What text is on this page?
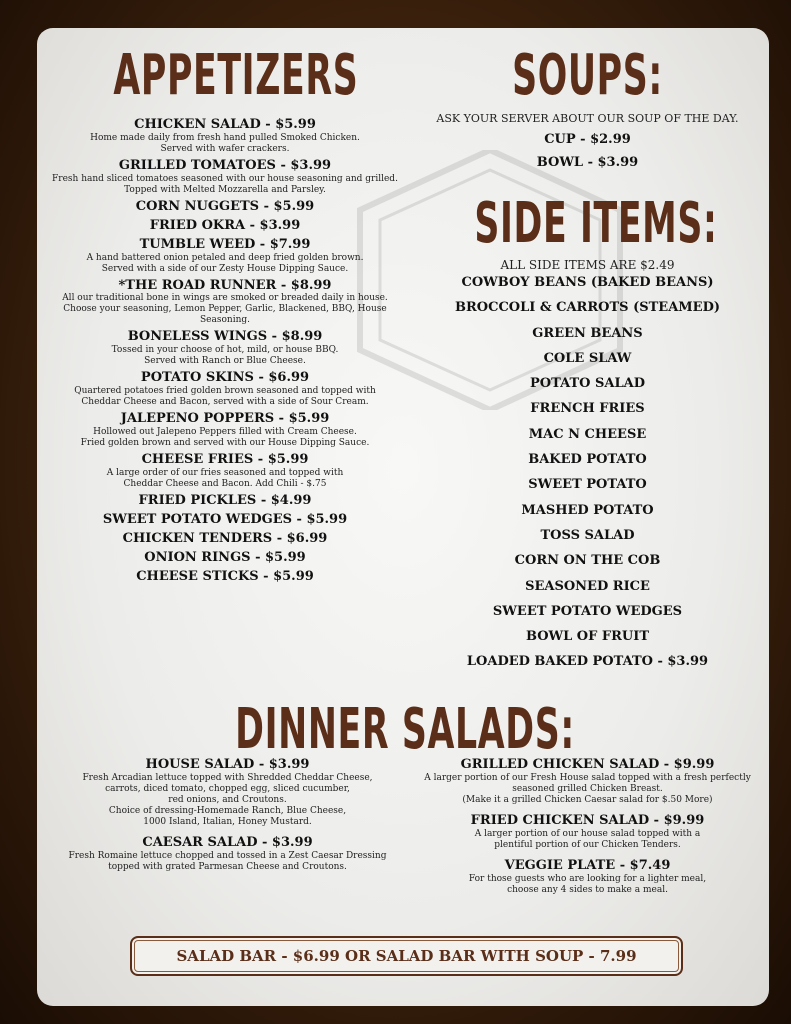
APPETIZERS
CHICKEN SALAD - $5.99
Home made daily from fresh hand pulled Smoked Chicken.
Served with wafer crackers.
GRILLED TOMATOES - $3.99
Fresh hand sliced tomatoes seasoned with our house seasoning and grilled.
Topped with Melted Mozzarella and Parsley.
CORN NUGGETS - $5.99
FRIED OKRA - $3.99
TUMBLE WEED - $7.99
A hand battered onion petaled and deep fried golden brown.
Served with a side of our Zesty House Dipping Sauce.
*THE ROAD RUNNER - $8.99
All our traditional bone in wings are smoked or breaded daily in house.
Choose your seasoning, Lemon Pepper, Garlic, Blackened, BBQ, House Seasoning.
BONELESS WINGS - $8.99
Tossed in your choose of hot, mild, or house BBQ.
Served with Ranch or Blue Cheese.
POTATO SKINS - $6.99
Quartered potatoes fried golden brown seasoned and topped with
Cheddar Cheese and Bacon, served with a side of Sour Cream.
JALEPENO POPPERS - $5.99
Hollowed out Jalepeno Peppers filled with Cream Cheese.
Fried golden brown and served with our House Dipping Sauce.
CHEESE FRIES - $5.99
A large order of our fries seasoned and topped with
Cheddar Cheese and Bacon. Add Chili - $.75
FRIED PICKLES - $4.99
SWEET POTATO WEDGES - $5.99
CHICKEN TENDERS - $6.99
ONION RINGS - $5.99
CHEESE STICKS - $5.99
SOUPS:
ASK YOUR SERVER ABOUT OUR SOUP OF THE DAY.
CUP - $2.99
BOWL - $3.99
SIDE ITEMS:
ALL SIDE ITEMS ARE $2.49
COWBOY BEANS (BAKED BEANS)
BROCCOLI & CARROTS (STEAMED)
GREEN BEANS
COLE SLAW
POTATO SALAD
FRENCH FRIES
MAC N CHEESE
BAKED POTATO
SWEET POTATO
MASHED POTATO
TOSS SALAD
CORN ON THE COB
SEASONED RICE
SWEET POTATO WEDGES
BOWL OF FRUIT
LOADED BAKED POTATO - $3.99
DINNER SALADS:
HOUSE SALAD - $3.99
Fresh Arcadian lettuce topped with Shredded Cheddar Cheese,
carrots, diced tomato, chopped egg, sliced cucumber,
red onions, and Croutons.
Choice of dressing-Homemade Ranch, Blue Cheese,
1000 Island, Italian, Honey Mustard.
CAESAR SALAD - $3.99
Fresh Romaine lettuce chopped and tossed in a Zest Caesar Dressing
topped with grated Parmesan Cheese and Croutons.
GRILLED CHICKEN SALAD - $9.99
A larger portion of our Fresh House salad topped with a fresh perfectly
seasoned grilled Chicken Breast.
(Make it a grilled Chicken Caesar salad for $.50 More)
FRIED CHICKEN SALAD - $9.99
A larger portion of our house salad topped with a
plentiful portion of our Chicken Tenders.
VEGGIE PLATE - $7.49
For those guests who are looking for a lighter meal,
choose any 4 sides to make a meal.
SALAD BAR - $6.99 OR SALAD BAR WITH SOUP - 7.99
